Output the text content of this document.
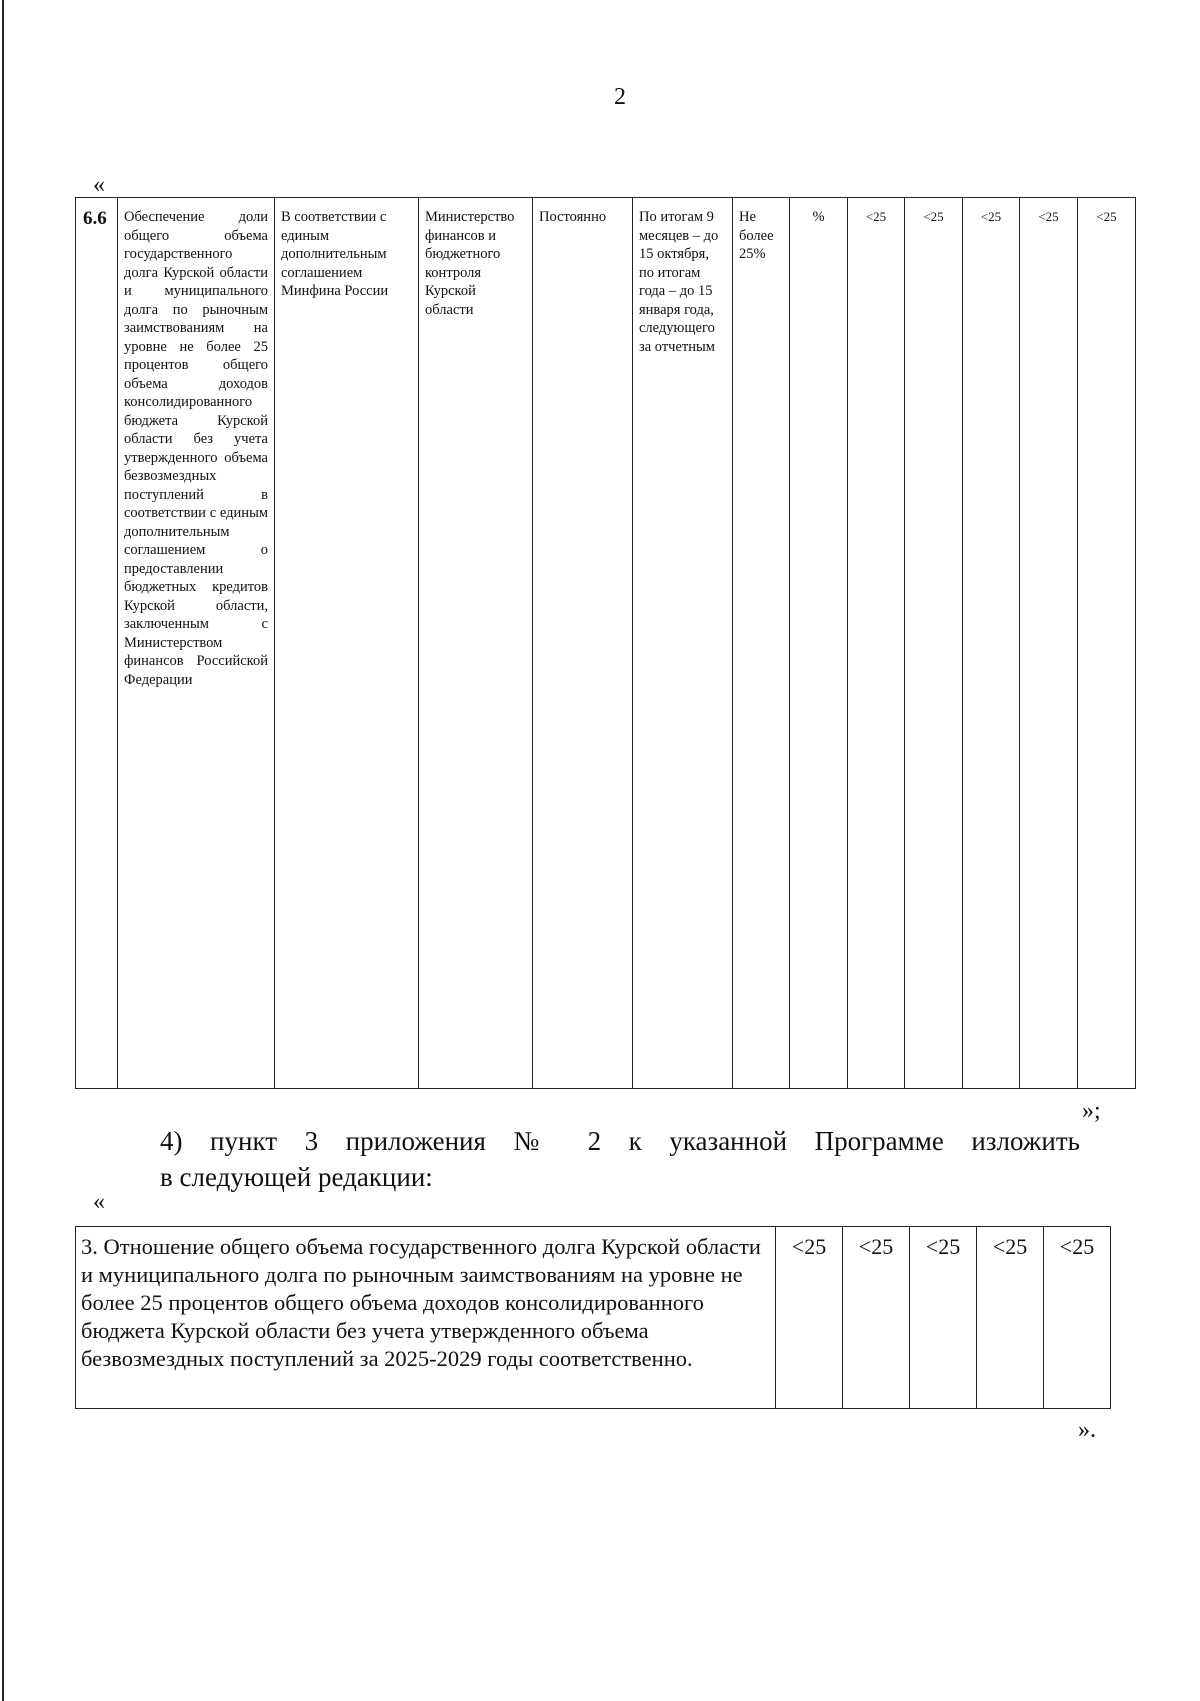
2
«
6.6	Обеспечение доли общего объема государственного долга Курской области и муниципального долга по рыночным заимствованиям на уровне не более 25 процентов общего объема доходов консолидированного бюджета Курской области без учета утвержденного объема безвозмездных поступлений в соответствии с единым дополнительным соглашением о предоставлении бюджетных кредитов Курской области, заключенным с Министерством финансов Российской Федерации	В соответствии с единым дополнительным соглашением Минфина России	Министерство финансов и бюджетного контроля Курской области	Постоянно	По итогам 9 месяцев – до 15 октября, по итогам года – до 15 января года, следующего за отчетным	Не более 25%	%	<25	<25	<25	<25	<25
»;
4) пункт 3 приложения № 2 к указанной Программе изложить
в следующей редакции:
«
3. Отношение общего объема государственного долга Курской области и муниципального долга по рыночным заимствованиям на уровне не более 25 процентов общего объема доходов консолидированного бюджета Курской области без учета утвержденного объема безвозмездных поступлений за 2025-2029 годы соответственно.	<25	<25	<25	<25	<25
».
